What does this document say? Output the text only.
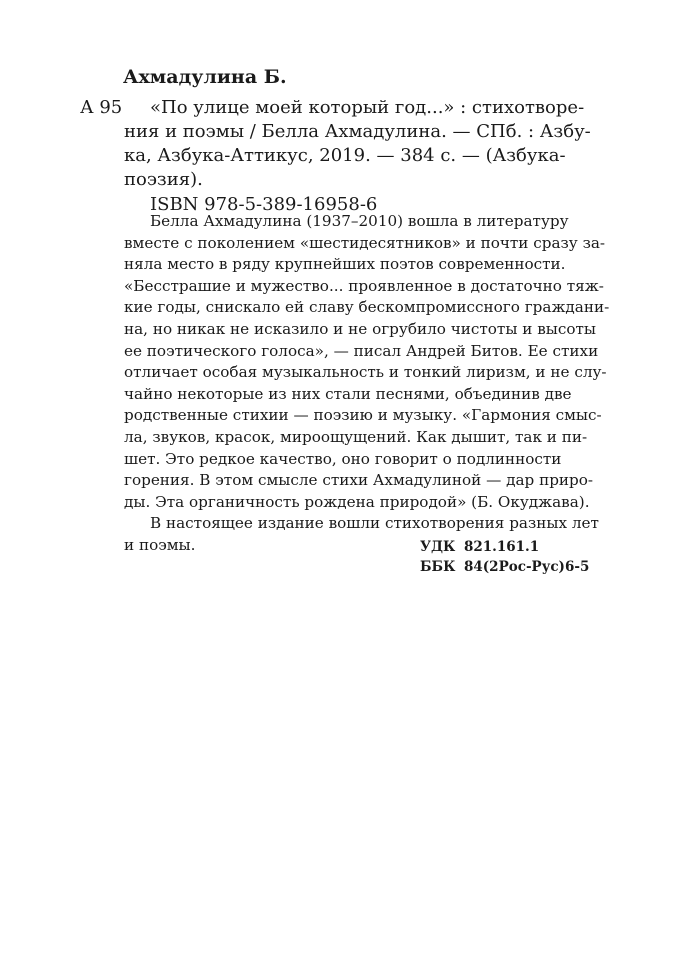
Ахмадулина Б.
А 95	«По улице моей который год...» : стихотворе-
ния и поэмы / Белла Ахмадулина. — СПб. : Азбу-
ка, Азбука-Аттикус, 2019. — 384 с. — (Азбука-
поэзия).
ISBN 978-5-389-16958-6
Белла Ахмадулина (1937–2010) вошла в литературу
вместе с поколением «шестидесятников» и почти сразу за-
няла место в ряду крупнейших поэтов современности.
«Бесстрашие и мужество... проявленное в достаточно тяж-
кие годы, снискало ей славу бескомпромиссного граждани-
на, но никак не исказило и не огрубило чистоты и высоты
ее поэтического голоса», — писал Андрей Битов. Ее стихи
отличает особая музыкальность и тонкий лиризм, и не слу-
чайно некоторые из них стали песнями, объединив две
родственные стихии — поэзию и музыку. «Гармония смыс-
ла, звуков, красок, мироощущений. Как дышит, так и пи-
шет. Это редкое качество, оно говорит о подлинности
горения. В этом смысле стихи Ахмадулиной — дар приро-
ды. Эта органичность рождена природой» (Б. Окуджава).
В настоящее издание вошли стихотворения разных лет
и поэмы.	УДК 821.161.1
ББК 84(2Рос-Рус)6-5
